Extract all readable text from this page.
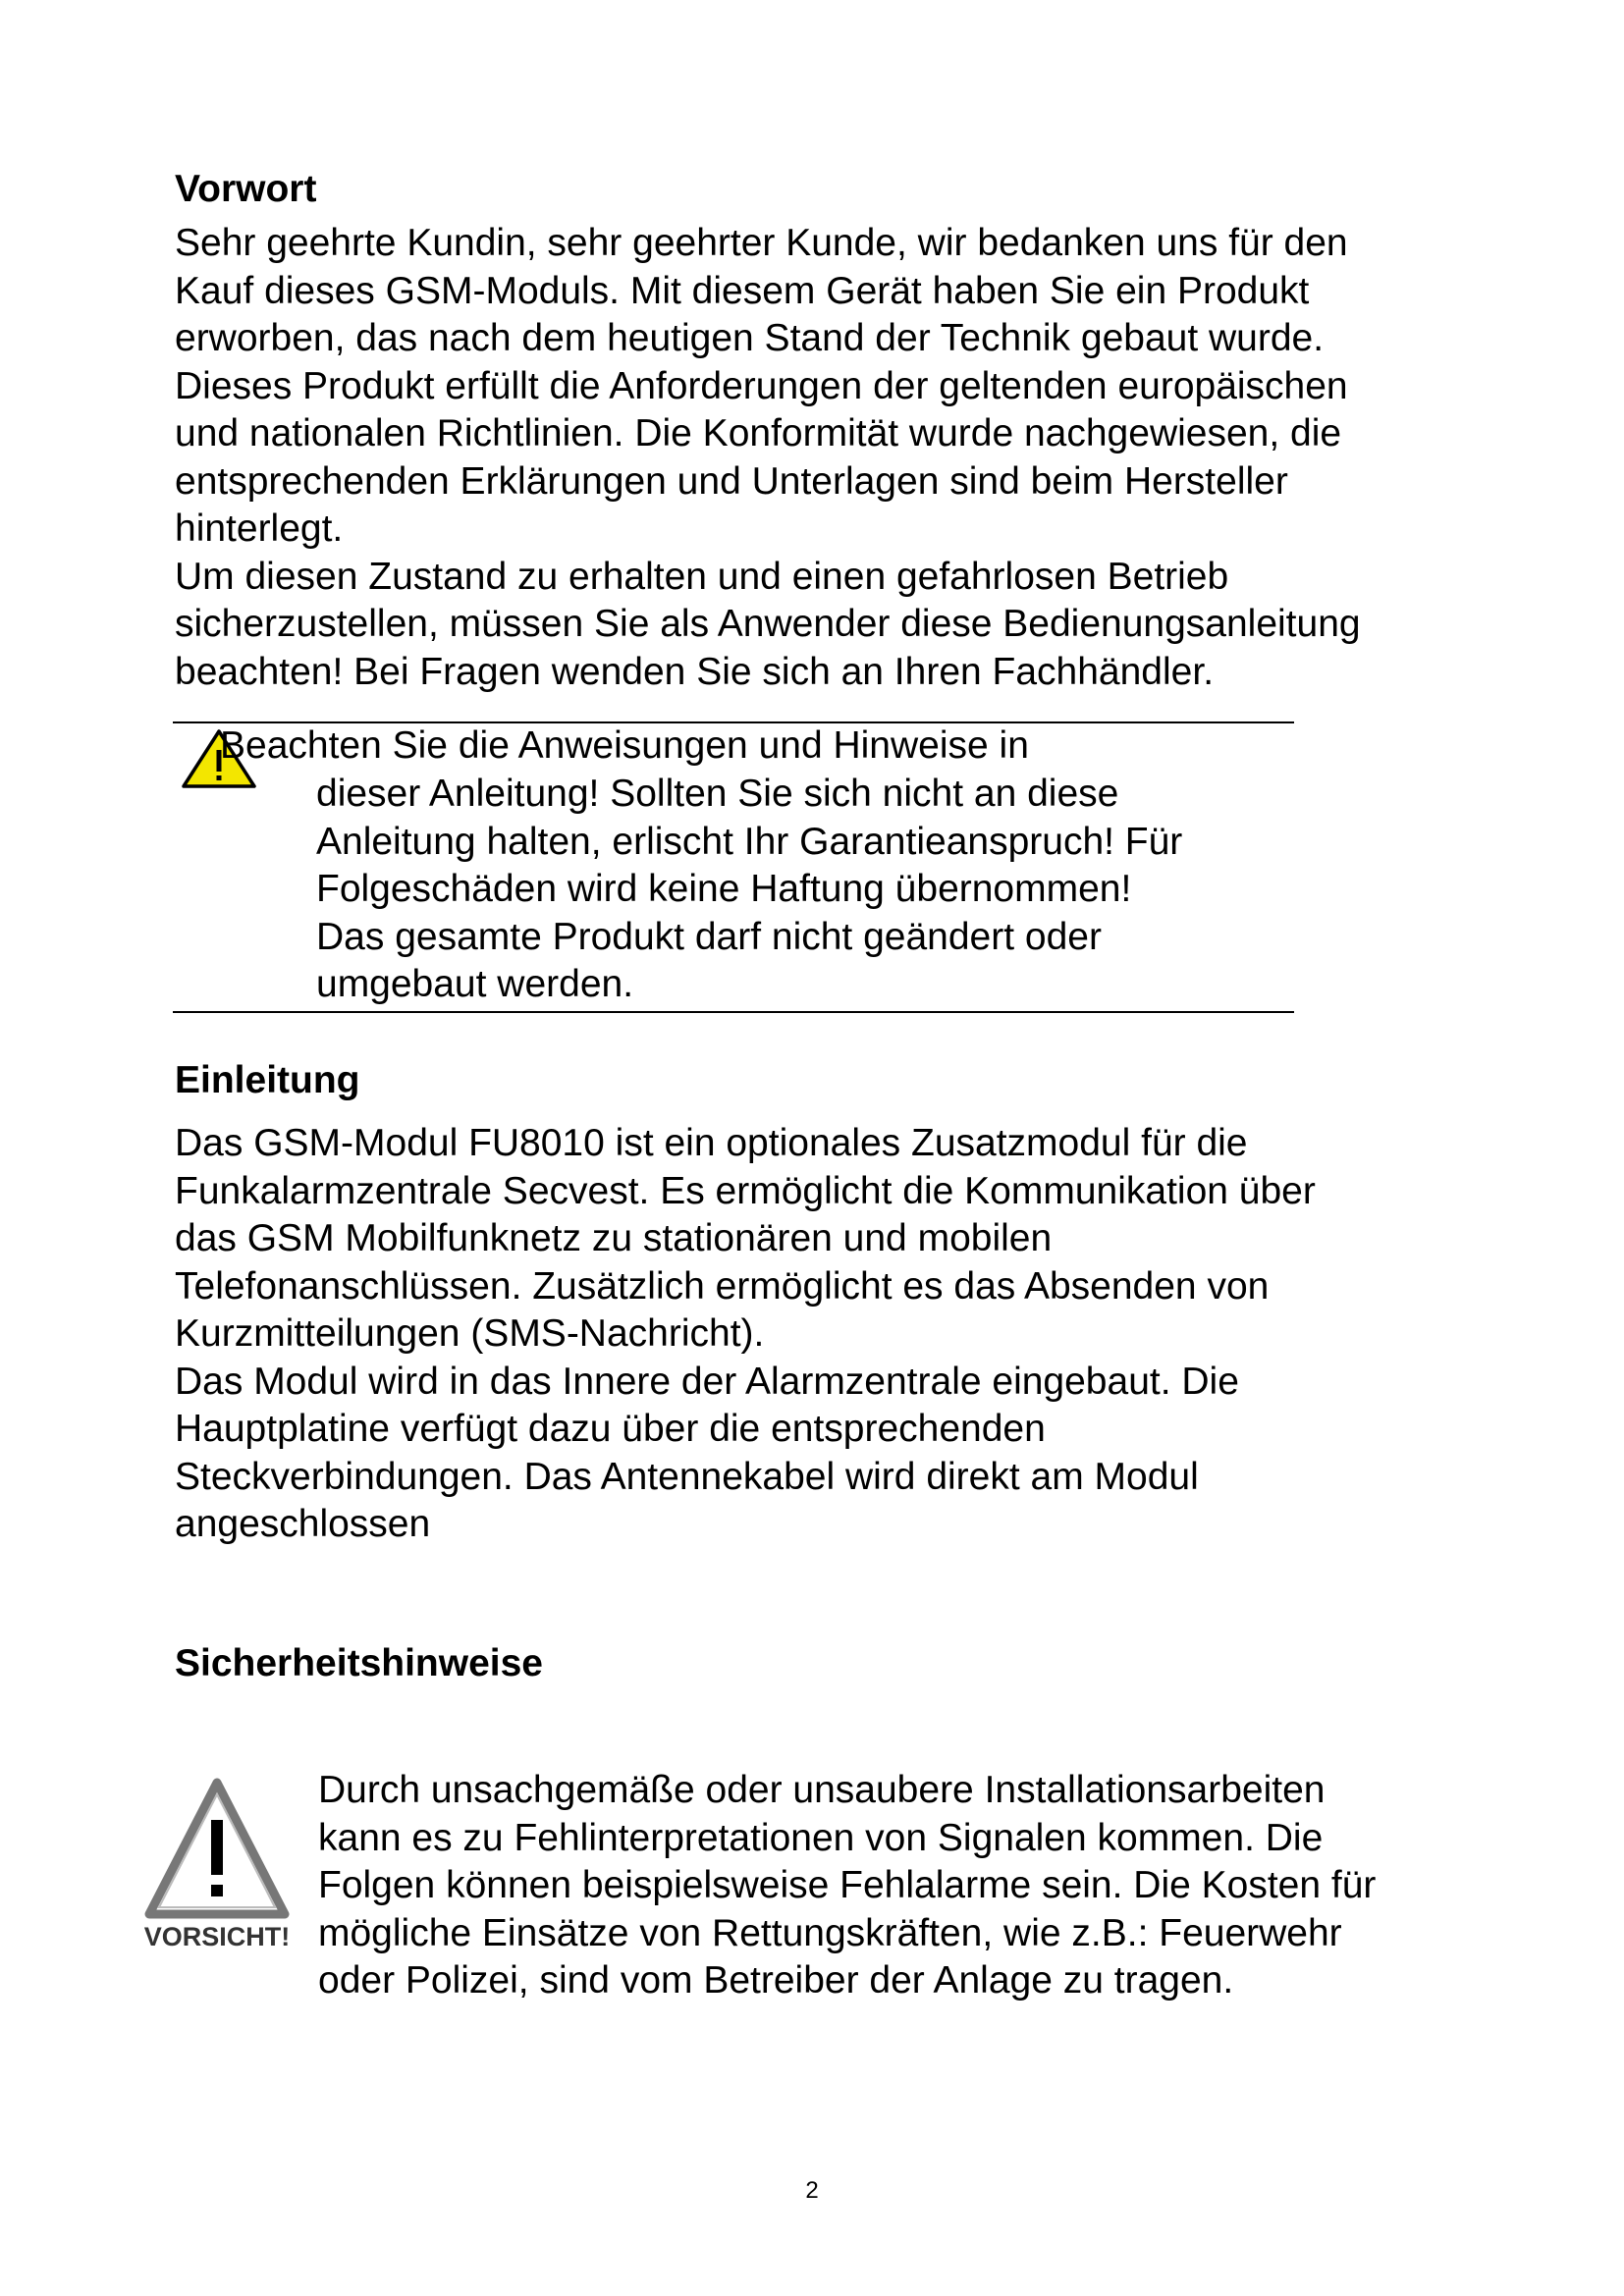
Vorwort
Sehr geehrte Kundin, sehr geehrter Kunde, wir bedanken uns für den
Kauf dieses GSM-Moduls. Mit diesem Gerät haben Sie ein Produkt
erworben, das nach dem heutigen Stand der Technik gebaut wurde.
Dieses Produkt erfüllt die Anforderungen der geltenden europäischen
und nationalen Richtlinien. Die Konformität wurde nachgewiesen, die
entsprechenden Erklärungen und Unterlagen sind beim Hersteller
hinterlegt.
Um diesen Zustand zu erhalten und einen gefahrlosen Betrieb
sicherzustellen, müssen Sie als Anwender diese Bedienungsanleitung
beachten! Bei Fragen wenden Sie sich an Ihren Fachhändler.
Beachten Sie die Anweisungen und Hinweise in
dieser Anleitung! Sollten Sie sich nicht an diese
Anleitung halten, erlischt Ihr Garantieanspruch! Für
Folgeschäden wird keine Haftung übernommen!
Das gesamte Produkt darf nicht geändert oder
umgebaut werden.
Einleitung
Das GSM-Modul FU8010 ist ein optionales Zusatzmodul für die
Funkalarmzentrale Secvest. Es ermöglicht die Kommunikation über
das GSM Mobilfunknetz zu stationären und mobilen
Telefonanschlüssen. Zusätzlich ermöglicht es das Absenden von
Kurzmitteilungen (SMS-Nachricht).
Das Modul wird in das Innere der Alarmzentrale eingebaut. Die
Hauptplatine verfügt dazu über die entsprechenden
Steckverbindungen. Das Antennekabel wird direkt am Modul
angeschlossen
Sicherheitshinweise
VORSICHT!
Durch unsachgemäße oder unsaubere Installationsarbeiten
kann es zu Fehlinterpretationen von Signalen kommen. Die
Folgen können beispielsweise Fehlalarme sein. Die Kosten für
mögliche Einsätze von Rettungskräften, wie z.B.: Feuerwehr
oder Polizei, sind vom Betreiber der Anlage zu tragen.
2
